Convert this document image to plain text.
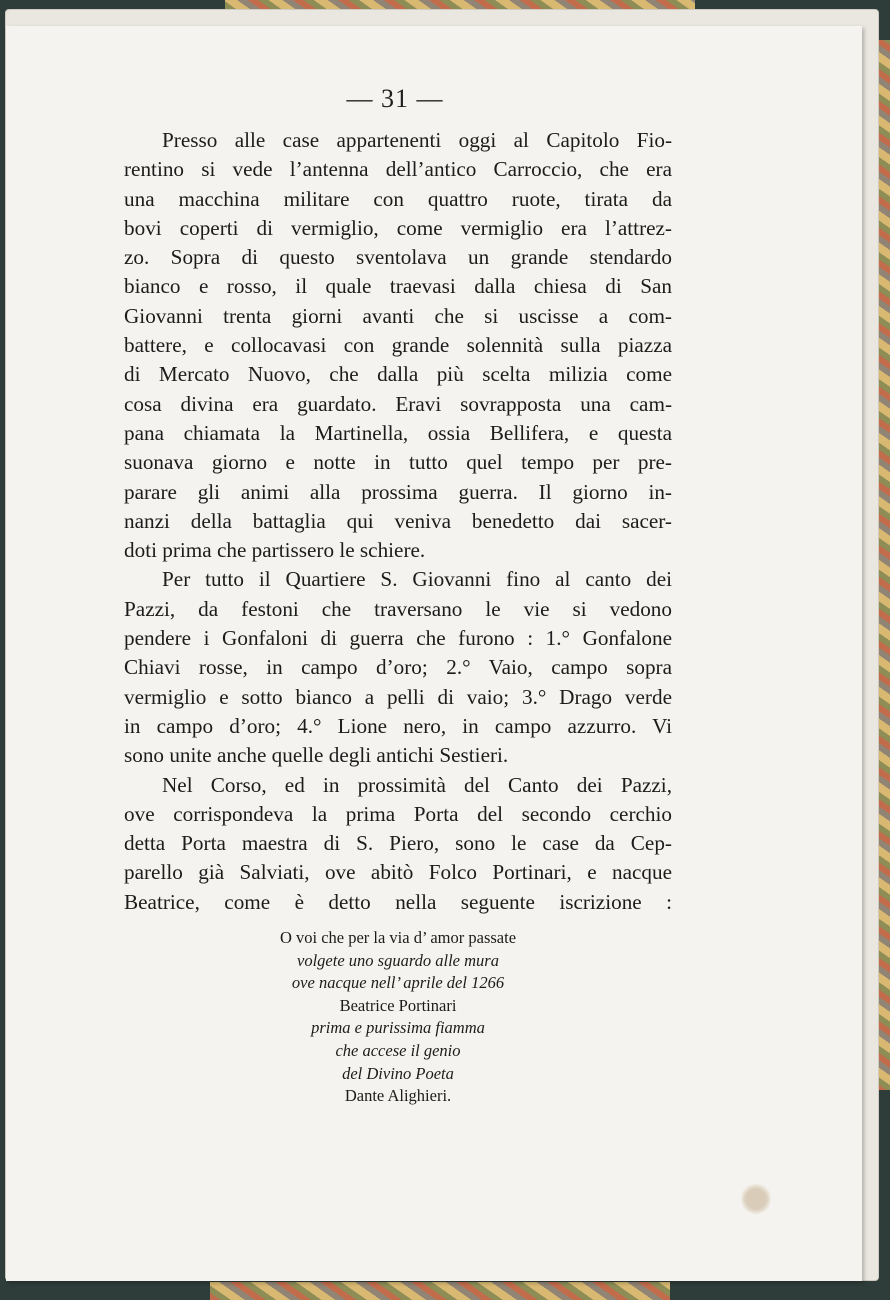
— 31 —
Presso alle case appartenenti oggi al Capitolo Fio-
rentino si vede l’antenna dell’antico Carroccio, che era
una macchina militare con quattro ruote, tirata da
bovi coperti di vermiglio, come vermiglio era l’attrez-
zo. Sopra di questo sventolava un grande stendardo
bianco e rosso, il quale traevasi dalla chiesa di San
Giovanni trenta giorni avanti che si uscisse a com-
battere, e collocavasi con grande solennità sulla piazza
di Mercato Nuovo, che dalla più scelta milizia come
cosa divina era guardato. Eravi sovrapposta una cam-
pana chiamata la Martinella, ossia Bellifera, e questa
suonava giorno e notte in tutto quel tempo per pre-
parare gli animi alla prossima guerra. Il giorno in-
nanzi della battaglia qui veniva benedetto dai sacer-
doti prima che partissero le schiere.
Per tutto il Quartiere S. Giovanni fino al canto dei
Pazzi, da festoni che traversano le vie si vedono
pendere i Gonfaloni di guerra che furono : 1.° Gonfalone
Chiavi rosse, in campo d’oro; 2.° Vaio, campo sopra
vermiglio e sotto bianco a pelli di vaio; 3.° Drago verde
in campo d’oro; 4.° Lione nero, in campo azzurro. Vi
sono unite anche quelle degli antichi Sestieri.
Nel Corso, ed in prossimità del Canto dei Pazzi,
ove corrispondeva la prima Porta del secondo cerchio
detta Porta maestra di S. Piero, sono le case da Cep-
parello già Salviati, ove abitò Folco Portinari, e nacque
Beatrice, come è detto nella seguente iscrizione :
O voi che per la via d’ amor passate
volgete uno sguardo alle mura
ove nacque nell’ aprile del 1266
Beatrice Portinari
prima e purissima fiamma
che accese il genio
del Divino Poeta
Dante Alighieri.
